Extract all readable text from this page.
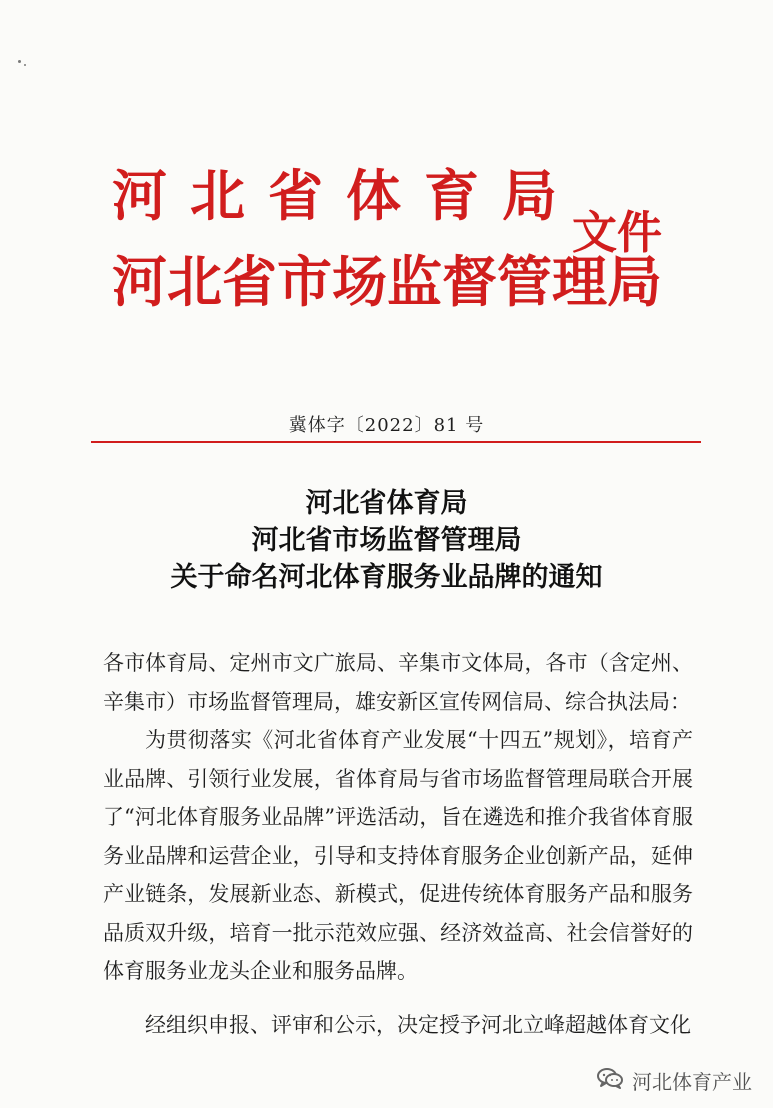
河北省体育局
河北省市场监督管理局
文件
冀体字〔2022〕81 号
河北省体育局
河北省市场监督管理局
关于命名河北体育服务业品牌的通知

各市体育局、定州市文广旅局、辛集市文体局，各市（含定州、辛集市）市场监督管理局，雄安新区宣传网信局、综合执法局：

为贯彻落实《河北省体育产业发展“十四五”规划》，培育产业品牌、引领行业发展，省体育局与省市场监督管理局联合开展了“河北体育服务业品牌”评选活动，旨在遴选和推介我省体育服务业品牌和运营企业，引导和支持体育服务企业创新产品，延伸产业链条，发展新业态、新模式，促进传统体育服务产品和服务品质双升级，培育一批示范效应强、经济效益高、社会信誉好的体育服务业龙头企业和服务品牌。

经组织申报、评审和公示，决定授予河北立峰超越体育文化

河北体育产业
